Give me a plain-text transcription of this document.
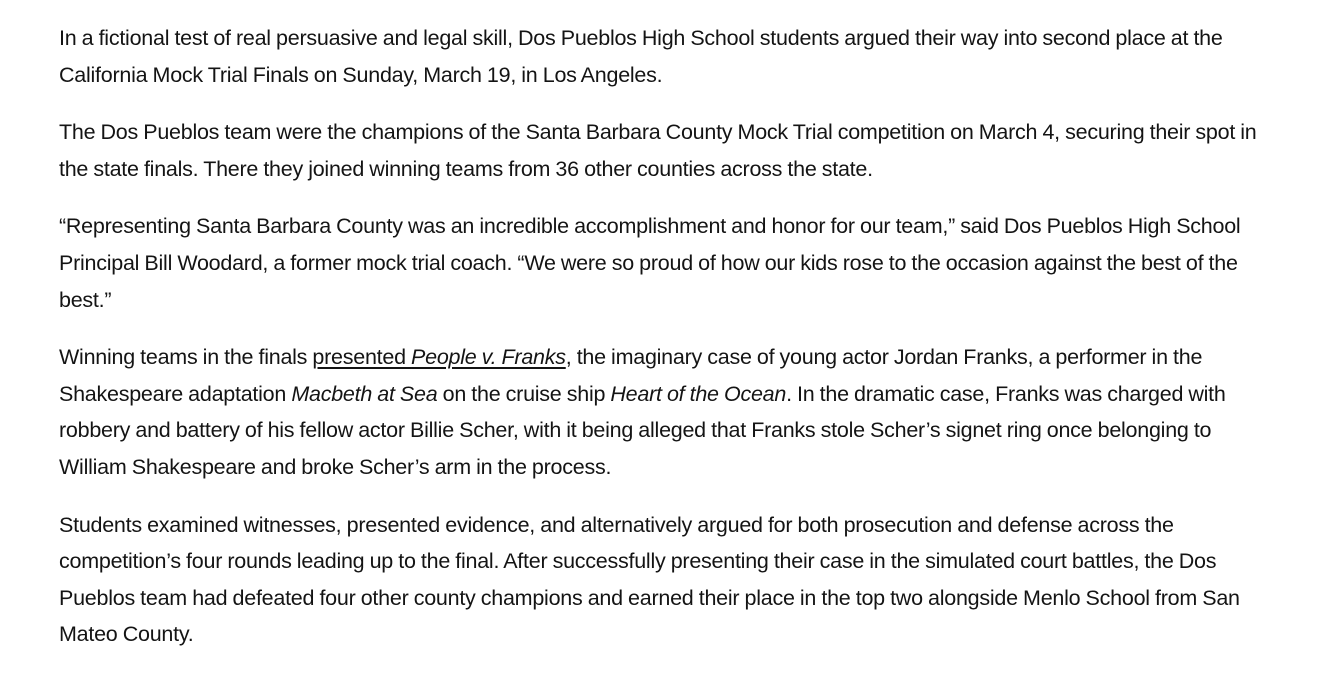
In a fictional test of real persuasive and legal skill, Dos Pueblos High School students argued their way into second place at the California Mock Trial Finals on Sunday, March 19, in Los Angeles.

The Dos Pueblos team were the champions of the Santa Barbara County Mock Trial competition on March 4, securing their spot in the state finals. There they joined winning teams from 36 other counties across the state.

“Representing Santa Barbara County was an incredible accomplishment and honor for our team,” said Dos Pueblos High School Principal Bill Woodard, a former mock trial coach. “We were so proud of how our kids rose to the occasion against the best of the best.”

Winning teams in the finals presented People v. Franks, the imaginary case of young actor Jordan Franks, a performer in the Shakespeare adaptation Macbeth at Sea on the cruise ship Heart of the Ocean. In the dramatic case, Franks was charged with robbery and battery of his fellow actor Billie Scher, with it being alleged that Franks stole Scher’s signet ring once belonging to William Shakespeare and broke Scher’s arm in the process.

Students examined witnesses, presented evidence, and alternatively argued for both prosecution and defense across the competition’s four rounds leading up to the final. After successfully presenting their case in the simulated court battles, the Dos Pueblos team had defeated four other county champions and earned their place in the top two alongside Menlo School from San Mateo County.
